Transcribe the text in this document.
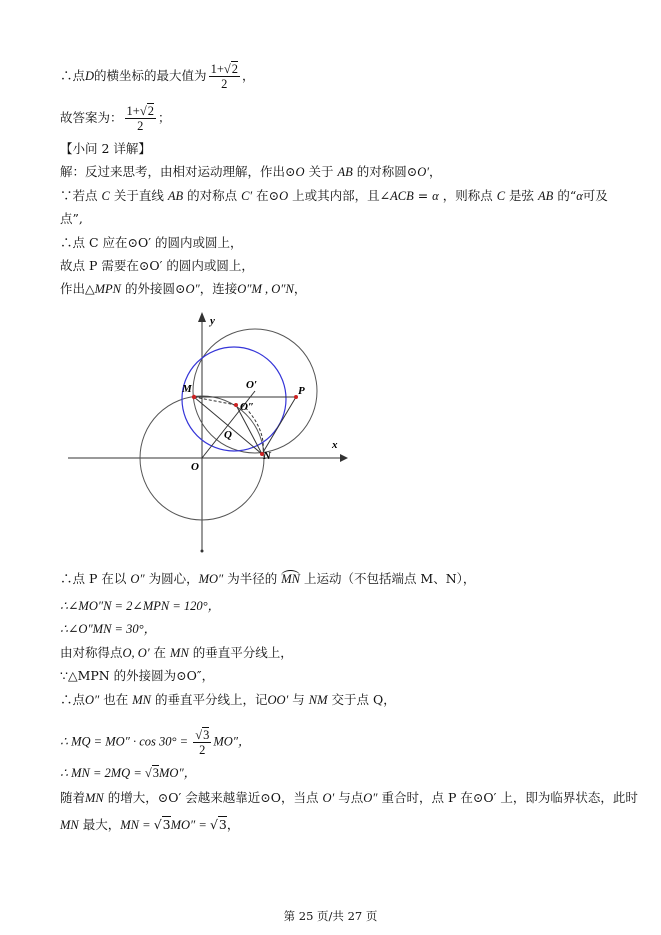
∴点D的横坐标的最大值为 $\frac{1+√2}{2}$ ，
故答案为： $\frac{1+√2}{2}$ ；
【小问 2 详解】
解：反过来思考，由相对运动理解，作出⊙O 关于 AB 的对称圆⊙O′，
∵若点 C 关于直线 AB 的对称点 C′ 在⊙O 上或其内部，且∠ACB = α ，则称点 C 是弦 AB 的“α可及
点”,
∴点 C 应在⊙O′ 的圆内或圆上，
故点 P 需要在⊙O′ 的圆内或圆上，
作出△MPN 的外接圆⊙O″，连接O″M , O″N，
y
x
M	P
O′
O″
Q
O
N
∴点 P 在以 O″ 为圆心，MO″ 为半径的 MN 上运动（不包括端点 M、N），
∴∠MO″N = 2∠MPN = 120°，
∴∠O″MN = 30°，
由对称得点O, O′ 在 MN 的垂直平分线上，
∵△MPN 的外接圆为⊙O″，
∴点O″ 也在 MN 的垂直平分线上，记OO′ 与 NM 交于点 Q，
∴ MQ = $MO'' \cdot \cos 30^\circ = \frac{√3}{2} MO''$，
∴ MN = 2MQ = √3MO″，
随着MN 的增大，⊙O′ 会越来越靠近⊙O，当点 O′ 与点O″ 重合时，点 P 在⊙O′ 上，即为临界状态，此时
MN 最大，MN = √3MO″ = √3，
第 25 页/共 27 页
